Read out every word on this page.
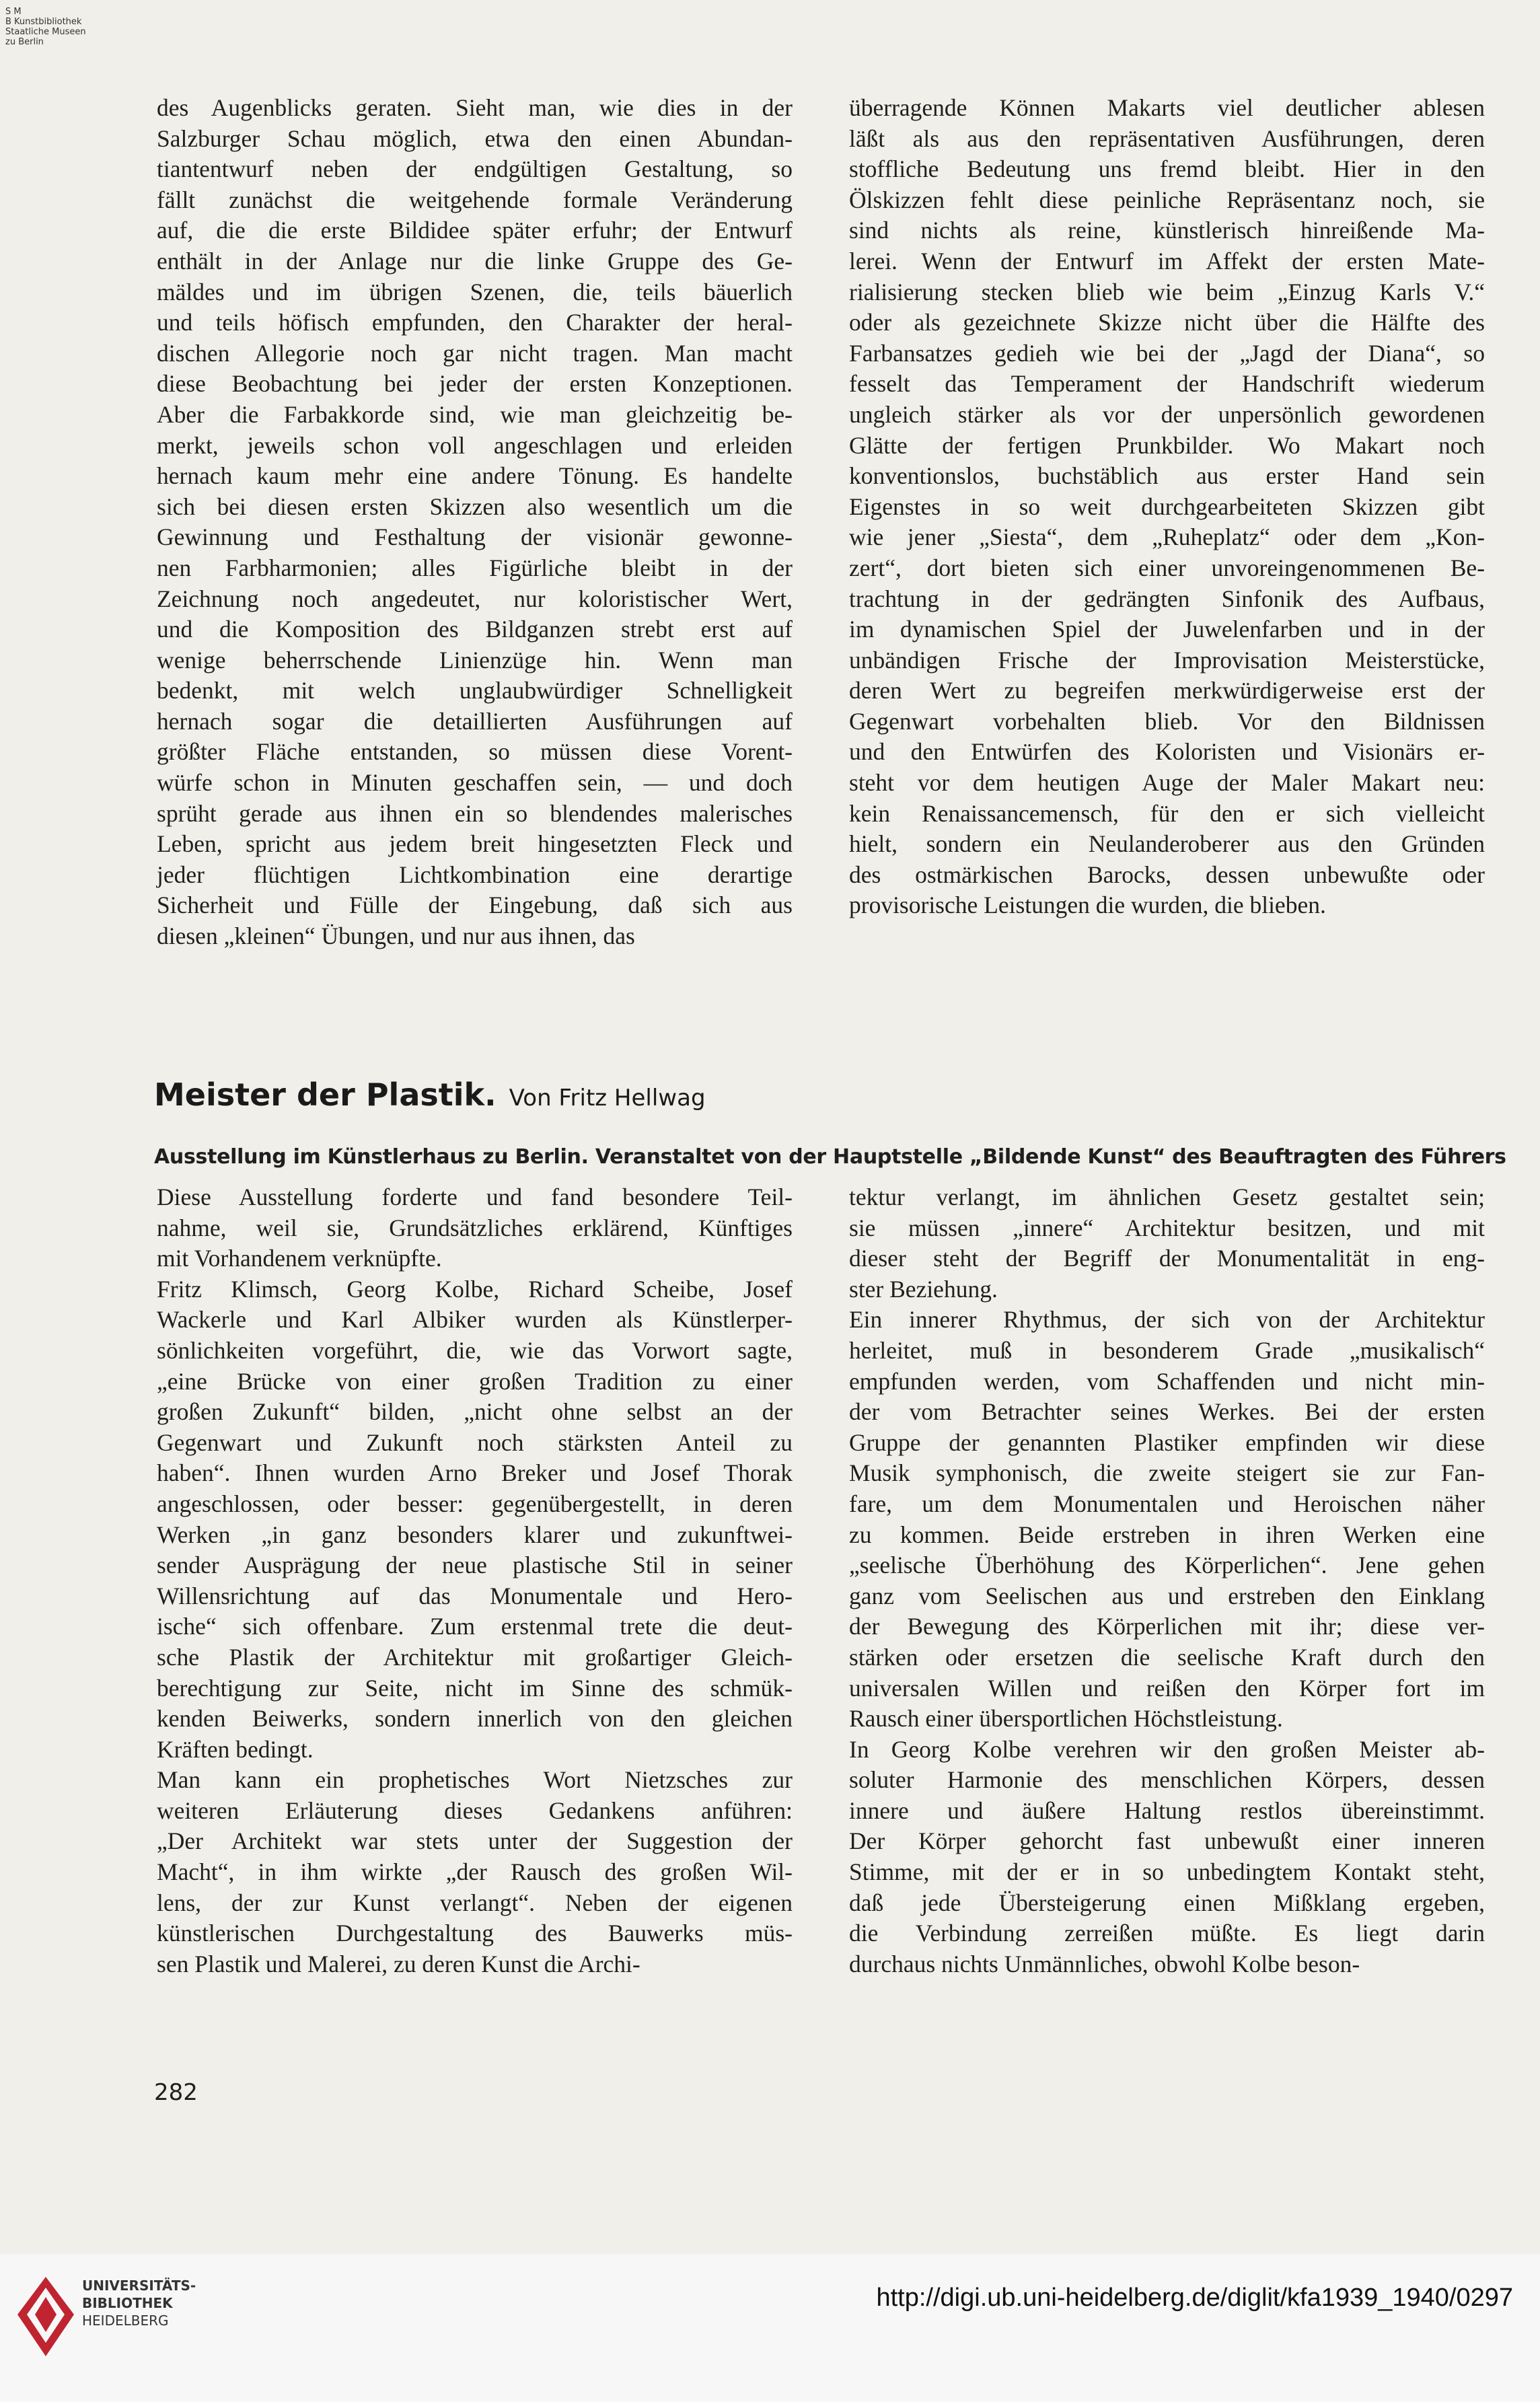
S M
B Kunstbibliothek
Staatliche Museen
zu Berlin

des Augenblicks geraten. Sieht man, wie dies in der
Salzburger Schau möglich, etwa den einen Abundan-
tiantentwurf neben der endgültigen Gestaltung, so
fällt zunächst die weitgehende formale Veränderung
auf, die die erste Bildidee später erfuhr; der Entwurf
enthält in der Anlage nur die linke Gruppe des Ge-
mäldes und im übrigen Szenen, die, teils bäuerlich
und teils höfisch empfunden, den Charakter der heral-
dischen Allegorie noch gar nicht tragen. Man macht
diese Beobachtung bei jeder der ersten Konzeptionen.
Aber die Farbakkorde sind, wie man gleichzeitig be-
merkt, jeweils schon voll angeschlagen und erleiden
hernach kaum mehr eine andere Tönung. Es handelte
sich bei diesen ersten Skizzen also wesentlich um die
Gewinnung und Festhaltung der visionär gewonne-
nen Farbharmonien; alles Figürliche bleibt in der
Zeichnung noch angedeutet, nur koloristischer Wert,
und die Komposition des Bildganzen strebt erst auf
wenige beherrschende Linienzüge hin. Wenn man
bedenkt, mit welch unglaubwürdiger Schnelligkeit
hernach sogar die detaillierten Ausführungen auf
größter Fläche entstanden, so müssen diese Vorent-
würfe schon in Minuten geschaffen sein, — und doch
sprüht gerade aus ihnen ein so blendendes malerisches
Leben, spricht aus jedem breit hingesetzten Fleck und
jeder flüchtigen Lichtkombination eine derartige
Sicherheit und Fülle der Eingebung, daß sich aus
diesen „kleinen“ Übungen, und nur aus ihnen, das

überragende Können Makarts viel deutlicher ablesen
läßt als aus den repräsentativen Ausführungen, deren
stoffliche Bedeutung uns fremd bleibt. Hier in den
Ölskizzen fehlt diese peinliche Repräsentanz noch, sie
sind nichts als reine, künstlerisch hinreißende Ma-
lerei. Wenn der Entwurf im Affekt der ersten Mate-
rialisierung stecken blieb wie beim „Einzug Karls V.“
oder als gezeichnete Skizze nicht über die Hälfte des
Farbansatzes gedieh wie bei der „Jagd der Diana“, so
fesselt das Temperament der Handschrift wiederum
ungleich stärker als vor der unpersönlich gewordenen
Glätte der fertigen Prunkbilder. Wo Makart noch
konventionslos, buchstäblich aus erster Hand sein
Eigenstes in so weit durchgearbeiteten Skizzen gibt
wie jener „Siesta“, dem „Ruheplatz“ oder dem „Kon-
zert“, dort bieten sich einer unvoreingenommenen Be-
trachtung in der gedrängten Sinfonik des Aufbaus,
im dynamischen Spiel der Juwelenfarben und in der
unbändigen Frische der Improvisation Meisterstücke,
deren Wert zu begreifen merkwürdigerweise erst der
Gegenwart vorbehalten blieb. Vor den Bildnissen
und den Entwürfen des Koloristen und Visionärs er-
steht vor dem heutigen Auge der Maler Makart neu:
kein Renaissancemensch, für den er sich vielleicht
hielt, sondern ein Neulanderoberer aus den Gründen
des ostmärkischen Barocks, dessen unbewußte oder
provisorische Leistungen die wurden, die blieben.

Meister der Plastik. Von Fritz Hellwag
Ausstellung im Künstlerhaus zu Berlin. Veranstaltet von der Hauptstelle „Bildende Kunst“ des Beauftragten des Führers

Diese Ausstellung forderte und fand besondere Teil-
nahme, weil sie, Grundsätzliches erklärend, Künftiges
mit Vorhandenem verknüpfte.

Fritz Klimsch, Georg Kolbe, Richard Scheibe, Josef
Wackerle und Karl Albiker wurden als Künstlerper-
sönlichkeiten vorgeführt, die, wie das Vorwort sagte,
„eine Brücke von einer großen Tradition zu einer
großen Zukunft“ bilden, „nicht ohne selbst an der
Gegenwart und Zukunft noch stärksten Anteil zu
haben“. Ihnen wurden Arno Breker und Josef Thorak
angeschlossen, oder besser: gegenübergestellt, in deren
Werken „in ganz besonders klarer und zukunftwei-
sender Ausprägung der neue plastische Stil in seiner
Willensrichtung auf das Monumentale und Hero-
ische“ sich offenbare. Zum erstenmal trete die deut-
sche Plastik der Architektur mit großartiger Gleich-
berechtigung zur Seite, nicht im Sinne des schmük-
kenden Beiwerks, sondern innerlich von den gleichen
Kräften bedingt.

Man kann ein prophetisches Wort Nietzsches zur
weiteren Erläuterung dieses Gedankens anführen:
„Der Architekt war stets unter der Suggestion der
Macht“, in ihm wirkte „der Rausch des großen Wil-
lens, der zur Kunst verlangt“. Neben der eigenen
künstlerischen Durchgestaltung des Bauwerks müs-
sen Plastik und Malerei, zu deren Kunst die Archi-

tektur verlangt, im ähnlichen Gesetz gestaltet sein;
sie müssen „innere“ Architektur besitzen, und mit
dieser steht der Begriff der Monumentalität in eng-
ster Beziehung.

Ein innerer Rhythmus, der sich von der Architektur
herleitet, muß in besonderem Grade „musikalisch“
empfunden werden, vom Schaffenden und nicht min-
der vom Betrachter seines Werkes. Bei der ersten
Gruppe der genannten Plastiker empfinden wir diese
Musik symphonisch, die zweite steigert sie zur Fan-
fare, um dem Monumentalen und Heroischen näher
zu kommen. Beide erstreben in ihren Werken eine
„seelische Überhöhung des Körperlichen“. Jene gehen
ganz vom Seelischen aus und erstreben den Einklang
der Bewegung des Körperlichen mit ihr; diese ver-
stärken oder ersetzen die seelische Kraft durch den
universalen Willen und reißen den Körper fort im
Rausch einer übersportlichen Höchstleistung.

In Georg Kolbe verehren wir den großen Meister ab-
soluter Harmonie des menschlichen Körpers, dessen
innere und äußere Haltung restlos übereinstimmt.
Der Körper gehorcht fast unbewußt einer inneren
Stimme, mit der er in so unbedingtem Kontakt steht,
daß jede Übersteigerung einen Mißklang ergeben,
die Verbindung zerreißen müßte. Es liegt darin
durchaus nichts Unmännliches, obwohl Kolbe beson-

282
UNIVERSITÄTS-
BIBLIOTHEK
HEIDELBERG
http://digi.ub.uni-heidelberg.de/diglit/kfa1939_1940/0297
